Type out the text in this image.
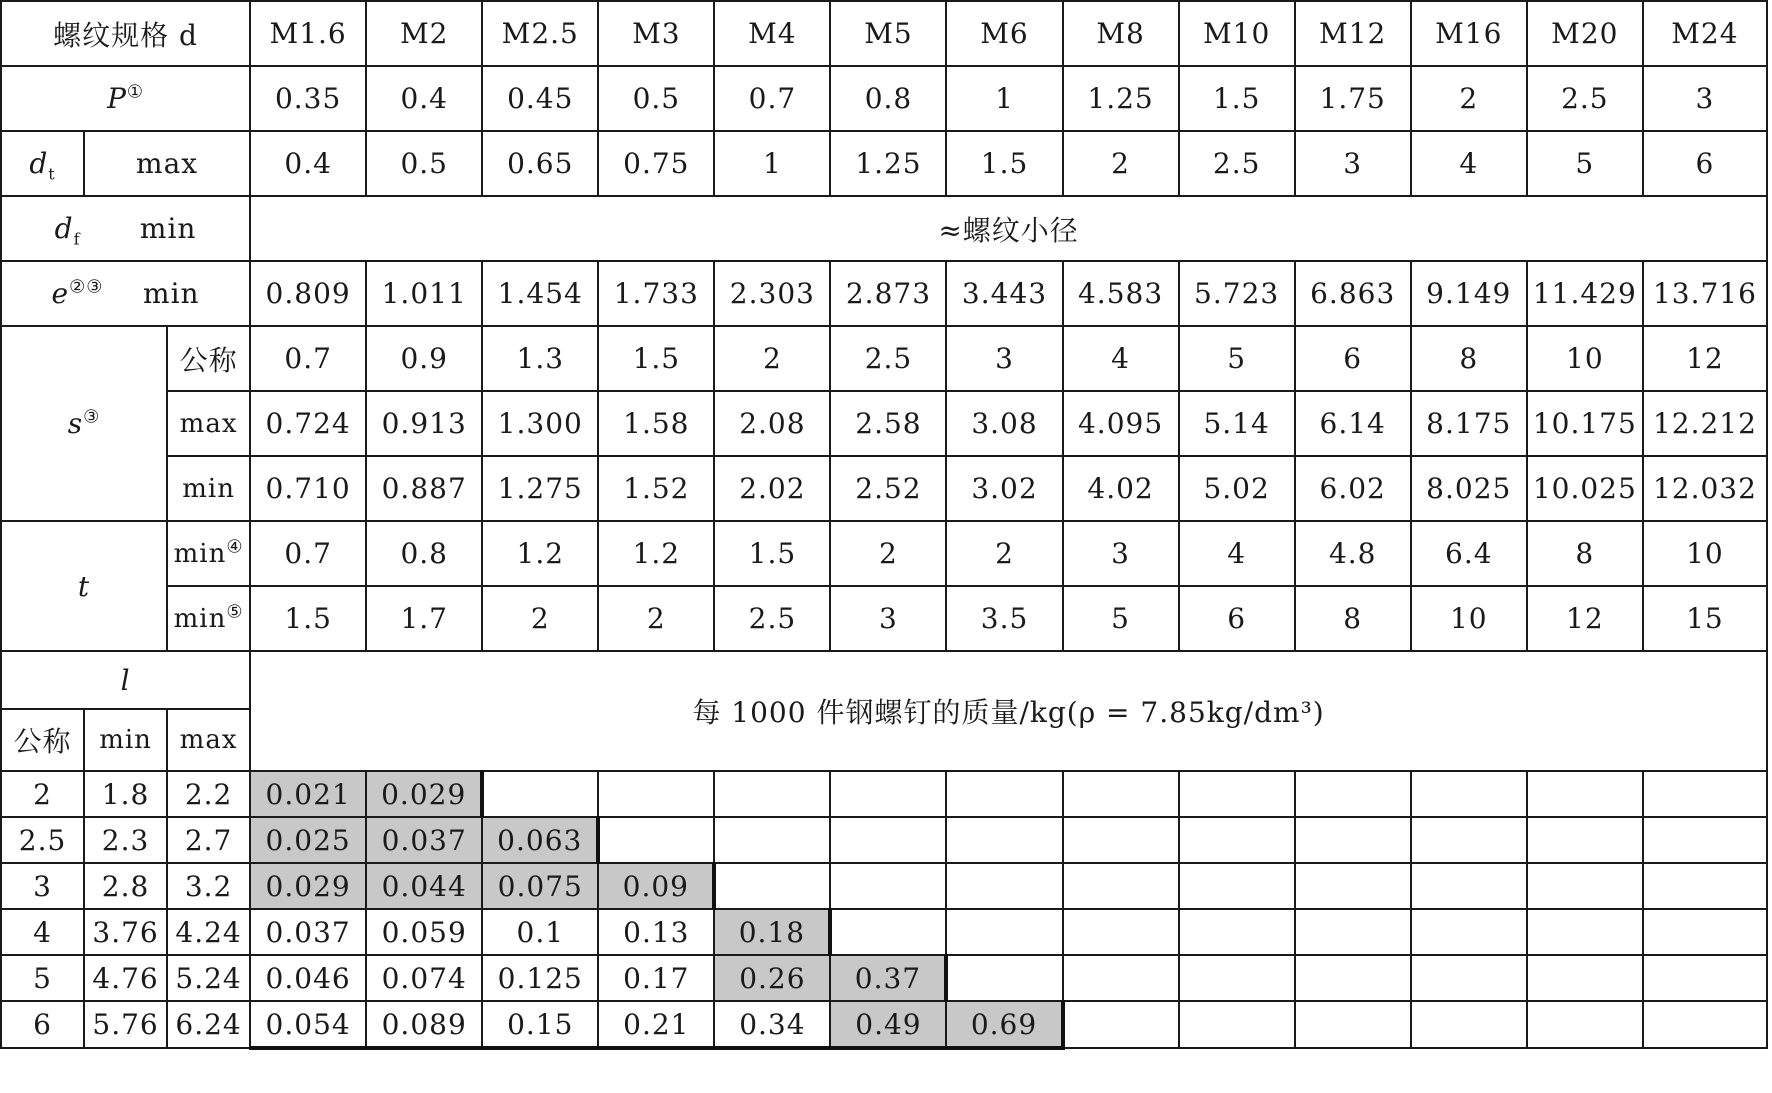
螺纹规格 d			M1.6	M2	M2.5	M3	M4	M5	M6	M8	M10	M12	M16	M20	M24
P①			0.35	0.4	0.45	0.5	0.7	0.8	1	1.25	1.5	1.75	2	2.5	3
$d_t$	max		0.4	0.5	0.65	0.75	1	1.25	1.5	2	2.5	3	4	5	6
$d_f$ min			≈螺纹小径												
e②③ min			0.809	1.011	1.454	1.733	2.303	2.873	3.443	4.583	5.723	6.863	9.149	11.429	13.716
s③		公称	0.7	0.9	1.3	1.5	2	2.5	3	4	5	6	8	10	12
		max	0.724	0.913	1.300	1.58	2.08	2.58	3.08	4.095	5.14	6.14	8.175	10.175	12.212
		min	0.710	0.887	1.275	1.52	2.02	2.52	3.02	4.02	5.02	6.02	8.025	10.025	12.032
t		min④	0.7	0.8	1.2	1.2	1.5	2	2	3	4	4.8	6.4	8	10
		min⑤	1.5	1.7	2	2	2.5	3	3.5	5	6	8	10	12	15
l			每 1000 件钢螺钉的质量/kg(ρ = 7.85kg/dm³)												
公称	min	max													
2	1.8	2.2	0.021	0.029											
2.5	2.3	2.7	0.025	0.037	0.063										
3	2.8	3.2	0.029	0.044	0.075	0.09									
4	3.76	4.24	0.037	0.059	0.1	0.13	0.18								
5	4.76	5.24	0.046	0.074	0.125	0.17	0.26	0.37							
6	5.76	6.24	0.054	0.089	0.15	0.21	0.34	0.49	0.69						
